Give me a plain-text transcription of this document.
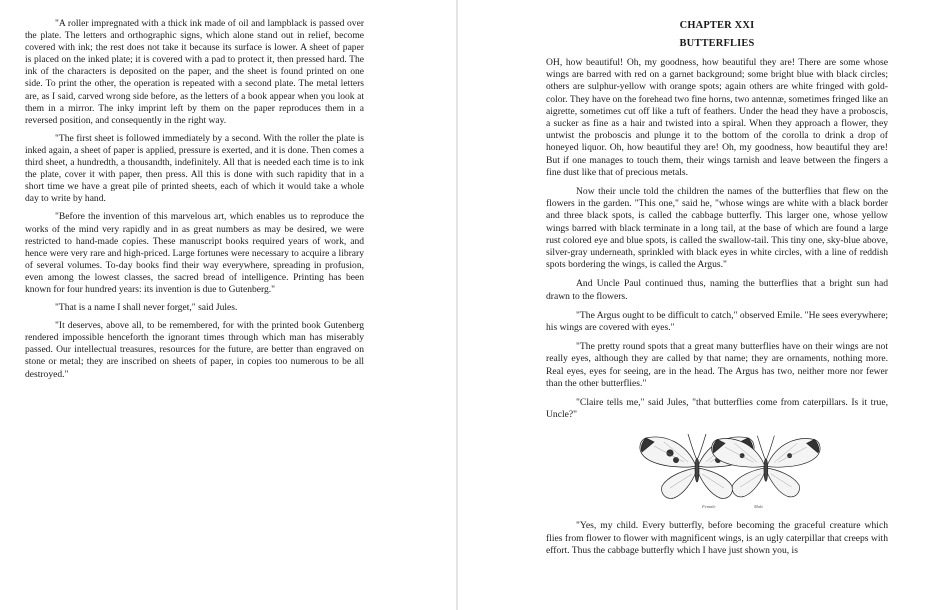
"A roller impregnated with a thick ink made of oil and lampblack is passed over the plate. The letters and orthographic signs, which alone stand out in relief, become covered with ink; the rest does not take it because its surface is lower. A sheet of paper is placed on the inked plate; it is covered with a pad to protect it, then pressed hard. The ink of the characters is deposited on the paper, and the sheet is found printed on one side. To print the other, the operation is repeated with a second plate. The metal letters are, as I said, carved wrong side before, as the letters of a book appear when you look at them in a mirror. The inky imprint left by them on the paper reproduces them in a reversed position, and consequently in the right way.

"The first sheet is followed immediately by a second. With the roller the plate is inked again, a sheet of paper is applied, pressure is exerted, and it is done. Then comes a third sheet, a hundredth, a thousandth, indefinitely. All that is needed each time is to ink the plate, cover it with paper, then press. All this is done with such rapidity that in a short time we have a great pile of printed sheets, each of which it would take a whole day to write by hand.

"Before the invention of this marvelous art, which enables us to reproduce the works of the mind very rapidly and in as great numbers as may be desired, we were restricted to hand-made copies. These manuscript books required years of work, and hence were very rare and high-priced. Large fortunes were necessary to acquire a library of several volumes. To-day books find their way everywhere, spreading in profusion, even among the lowest classes, the sacred bread of intelligence. Printing has been known for four hundred years: its invention is due to Gutenberg."

"That is a name I shall never forget," said Jules.

"It deserves, above all, to be remembered, for with the printed book Gutenberg rendered impossible henceforth the ignorant times through which man has miserably passed. Our intellectual treasures, resources for the future, are better than engraved on stone or metal; they are inscribed on sheets of paper, in copies too numerous to be all destroyed."

CHAPTER XXI
BUTTERFLIES

OH, how beautiful! Oh, my goodness, how beautiful they are! There are some whose wings are barred with red on a garnet background; some bright blue with black circles; others are sulphur-yellow with orange spots; again others are white fringed with gold-color. They have on the forehead two fine horns, two antennæ, sometimes fringed like an aigrette, sometimes cut off like a tuft of feathers. Under the head they have a proboscis, a sucker as fine as a hair and twisted into a spiral. When they approach a flower, they untwist the proboscis and plunge it to the bottom of the corolla to drink a drop of honeyed liquor. Oh, how beautiful they are! Oh, my goodness, how beautiful they are! But if one manages to touch them, their wings tarnish and leave between the fingers a fine dust like that of precious metals.

Now their uncle told the children the names of the butterflies that flew on the flowers in the garden. "This one," said he, "whose wings are white with a black border and three black spots, is called the cabbage butterfly. This larger one, whose yellow wings barred with black terminate in a long tail, at the base of which are found a large rust colored eye and blue spots, is called the swallow-tail. This tiny one, sky-blue above, silver-gray underneath, sprinkled with black eyes in white circles, with a line of reddish spots bordering the wings, is called the Argus."

And Uncle Paul continued thus, naming the butterflies that a bright sun had drawn to the flowers.

"The Argus ought to be difficult to catch," observed Emile. "He sees everywhere; his wings are covered with eyes."

"The pretty round spots that a great many butterflies have on their wings are not really eyes, although they are called by that name; they are ornaments, nothing more. Real eyes, eyes for seeing, are in the head. The Argus has two, neither more nor fewer than the other butterflies."

"Claire tells me," said Jules, "that butterflies come from caterpillars. Is it true, Uncle?"

Female	Male

"Yes, my child. Every butterfly, before becoming the graceful creature which flies from flower to flower with magnificent wings, is an ugly caterpillar that creeps with effort. Thus the cabbage butterfly which I have just shown you, is
